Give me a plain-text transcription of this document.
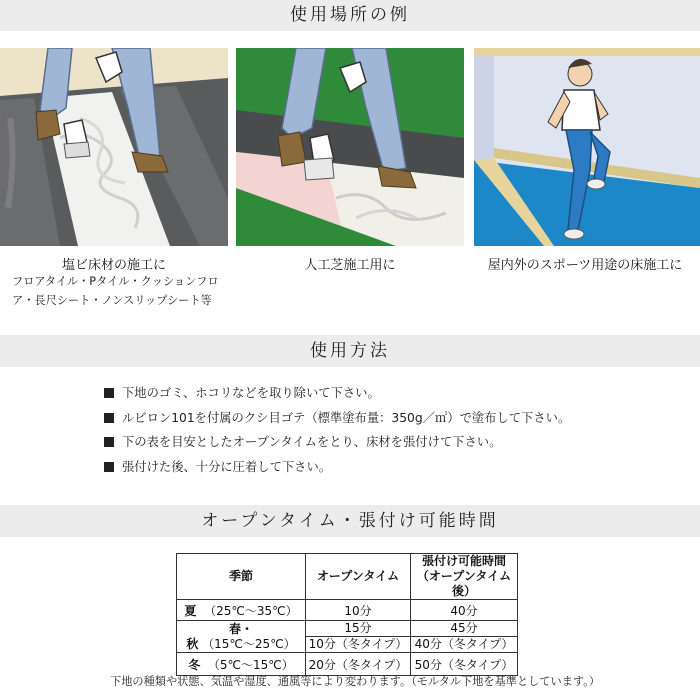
使用場所の例
塩ビ床材の施工に
フロアタイル・Pタイル・クッションフロア・長尺シート・ノンスリップシート等
人工芝施工用に	屋内外のスポーツ用途の床施工に
使用方法
下地のゴミ、ホコリなどを取り除いて下さい。
ルビロン101を付属のクシ目ゴテ（標準塗布量：350g／㎡）で塗布して下さい。
下の表を目安としたオープンタイムをとり、床材を張付けて下さい。
張付けた後、十分に圧着して下さい。
オープンタイム・張付け可能時間
季節	オープンタイム	張付け可能時間
（オープンタイム後）
夏 （25℃〜35℃）	10分	40分
春・秋 （15℃〜25℃）	15分	45分
	10分（冬タイプ）	40分（冬タイプ）
冬 （5℃〜15℃）	20分（冬タイプ）	50分（冬タイプ）
下地の種類や状態、気温や湿度、通風等により変わります。（モルタル下地を基準としています。）
